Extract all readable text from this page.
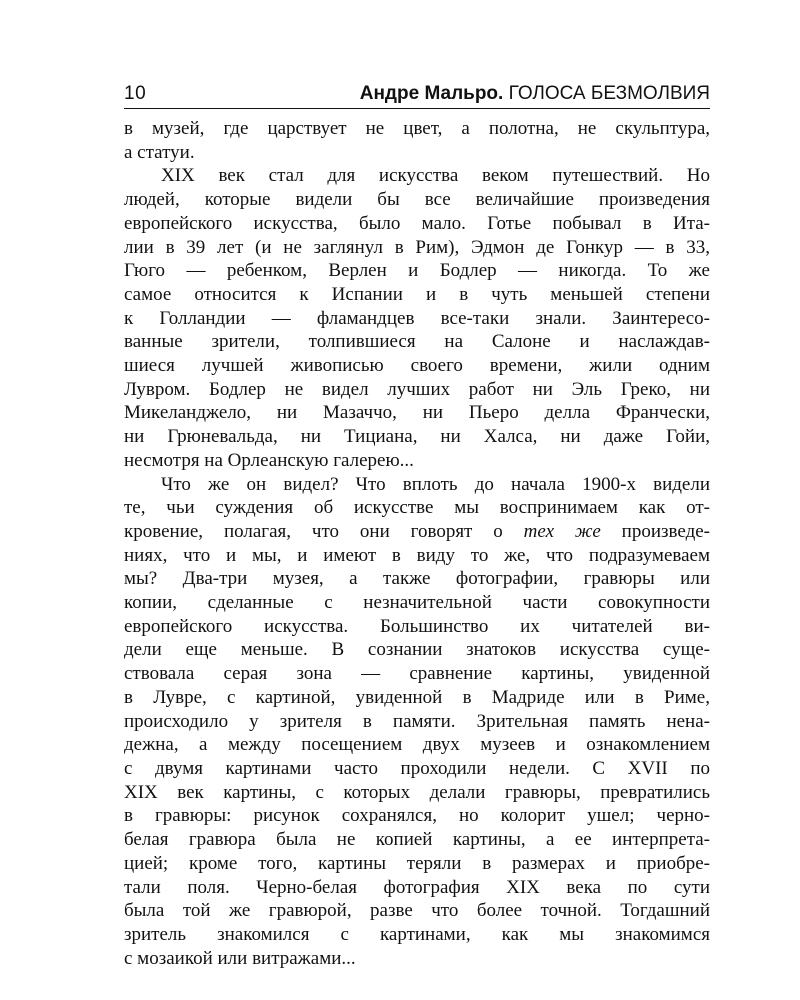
10	Андре Мальро. ГОЛОСА БЕЗМОЛВИЯ

в музей, где царствует не цвет, а полотна, не скульптура,
а статуи.

XIX век стал для искусства веком путешествий. Но
людей, которые видели бы все величайшие произведения
европейского искусства, было мало. Готье побывал в Ита-
лии в 39 лет (и не заглянул в Рим), Эдмон де Гонкур — в 33,
Гюго — ребенком, Верлен и Бодлер — никогда. То же
самое относится к Испании и в чуть меньшей степени
к Голландии — фламандцев все-таки знали. Заинтересо-
ванные зрители, толпившиеся на Салоне и наслаждав-
шиеся лучшей живописью своего времени, жили одним
Лувром. Бодлер не видел лучших работ ни Эль Греко, ни
Микеланджело, ни Мазаччо, ни Пьеро делла Франчески,
ни Грюневальда, ни Тициана, ни Халса, ни даже Гойи,
несмотря на Орлеанскую галерею...

Что же он видел? Что вплоть до начала 1900-х видели
те, чьи суждения об искусстве мы воспринимаем как от-
кровение, полагая, что они говорят о тех же произведе-
ниях, что и мы, и имеют в виду то же, что подразумеваем
мы? Два-три музея, а также фотографии, гравюры или
копии, сделанные с незначительной части совокупности
европейского искусства. Большинство их читателей ви-
дели еще меньше. В сознании знатоков искусства суще-
ствовала серая зона — сравнение картины, увиденной
в Лувре, с картиной, увиденной в Мадриде или в Риме,
происходило у зрителя в памяти. Зрительная память нена-
дежна, а между посещением двух музеев и ознакомлением
с двумя картинами часто проходили недели. С XVII по
XIX век картины, с которых делали гравюры, превратились
в гравюры: рисунок сохранялся, но колорит ушел; черно-
белая гравюра была не копией картины, а ее интерпрета-
цией; кроме того, картины теряли в размерах и приобре-
тали поля. Черно-белая фотография XIX века по сути
была той же гравюрой, разве что более точной. Тогдашний
зритель знакомился с картинами, как мы знакомимся
с мозаикой или витражами...
